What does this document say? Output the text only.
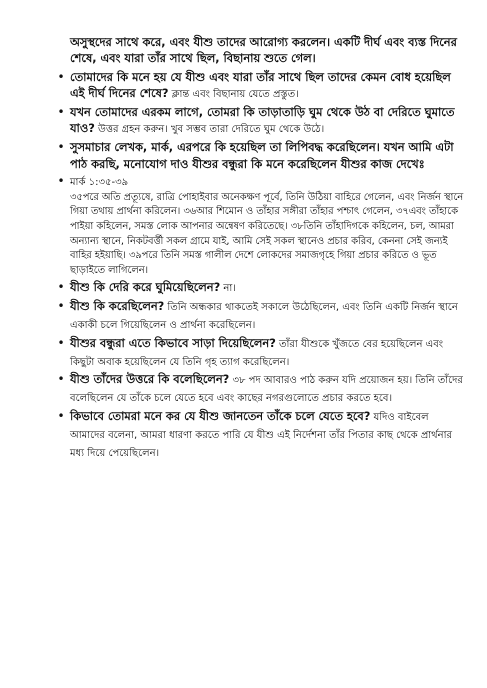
অসুস্থদের সাথে করে, এবং যীশু তাদের আরোগ্য করলেন। একটি দীর্ঘ এবং ব্যস্ত দিনের শেষে, এবং যারা তাঁর সাথে ছিল, বিছানায় শুতে গেল।

• তোমাদের কি মনে হয় যে যীশু এবং যারা তাঁর সাথে ছিল তাদের কেমন বোধ হয়েছিল এই দীর্ঘ দিনের শেষে? ক্লান্ত এবং বিছানায় যেতে প্রস্তুত।
• যখন তোমাদের এরকম লাগে, তোমরা কি তাড়াতাড়ি ঘুম থেকে উঠ বা দেরিতে ঘুমাতে যাও? উত্তর গ্রহন করুন। খুব সম্ভব তারা দেরিতে ঘুম থেকে উঠে।
• সুসমাচার লেখক, মার্ক, এরপরে কি হয়েছিল তা লিপিবদ্ধ করেছিলেন। যখন আমি এটা পাঠ করছি, মনোযোগ দাও যীশুর বন্ধুরা কি মনে করেছিলেন যীশুর কাজ দেখেঃ
• মার্ক ১:৩৫-৩৯
৩৫পরে অতি প্রত্যূষে, রাত্রি পোহাইবার অনেকক্ষণ পূর্বে, তিনি উঠিয়া বাহিরে গেলেন, এবং নির্জন স্থানে গিয়া তথায় প্রার্থনা করিলেন। ৩৬আর শিমোন ও তাঁহার সঙ্গীরা তাঁহার পশ্চাৎ গেলেন, ৩৭এবং তাঁহাকে পাইয়া কহিলেন, সমস্ত লোক আপনার অন্বেষণ করিতেছে। ৩৮তিনি তাঁহাদিগকে কহিলেন, চল, আমরা অন্যান্য স্থানে, নিকটবর্ত্তী সকল গ্রামে যাই, আমি সেই সকল স্থানেও প্রচার করিব, কেননা সেই জন্যই বাহির হইয়াছি। ৩৯পরে তিনি সমস্ত গালীল দেশে লোকদের সমাজগৃহে গিয়া প্রচার করিতে ও ভূত ছাড়াইতে লাগিলেন।
• যীশু কি দেরি করে ঘুমিয়েছিলেন? না।
• যীশু কি করেছিলেন? তিনি অন্ধকার থাকতেই সকালে উঠেছিলেন, এবং তিনি একটি নির্জন স্থানে একাকী চলে গিয়েছিলেন ও প্রার্থনা করেছিলেন।
• যীশুর বন্ধুরা এতে কিভাবে সাড়া দিয়েছিলেন? তাঁরা যীশুকে খুঁজতে বের হয়েছিলেন এবং কিছুটা অবাক হয়েছিলেন যে তিনি গৃহ ত্যাগ করেছিলেন।
• যীশু তাঁদের উত্তরে কি বলেছিলেন? ৩৮ পদ আবারও পাঠ করুন যদি প্রয়োজন হয়। তিনি তাঁদের বলেছিলেন যে তাঁকে চলে যেতে হবে এবং কাছের নগরগুলোতে প্রচার করতে হবে।
• কিভাবে তোমরা মনে কর যে যীশু জানতেন তাঁকে চলে যেতে হবে? যদিও বাইবেল আমাদের বলেনা, আমরা ধারণা করতে পারি যে যীশু এই নির্দেশনা তাঁর পিতার কাছ থেকে প্রার্থনার মধ্য দিয়ে পেয়েছিলেন।
